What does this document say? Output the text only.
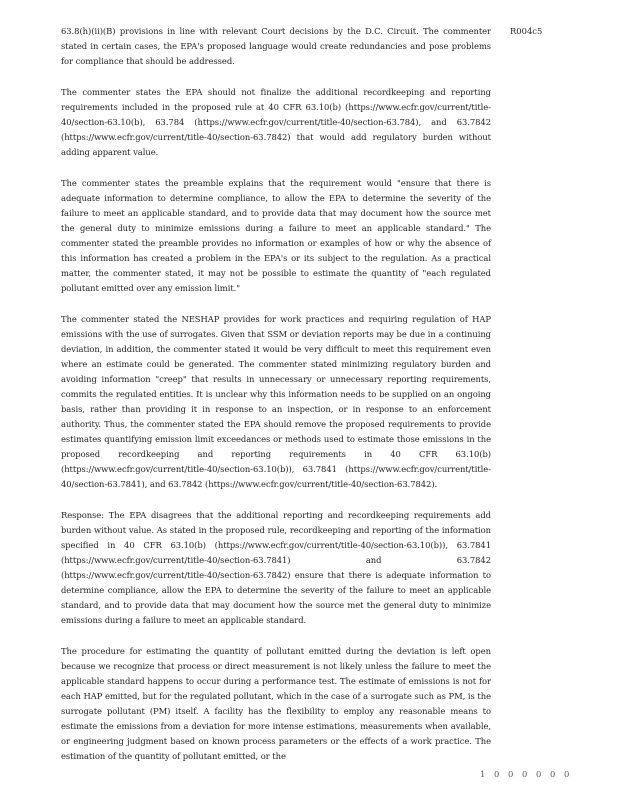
R004c5

63.8(h)(ii)(B) provisions in line with relevant Court decisions by the D.C. Circuit. The commenter stated in certain cases, the EPA's proposed language would create redundancies and pose problems for compliance that should be addressed.

The commenter states the EPA should not finalize the additional recordkeeping and reporting requirements included in the proposed rule at 40 CFR 63.10(b) (https://www.ecfr.gov/current/title-40/section-63.10(b), 63.784 (https://www.ecfr.gov/current/title-40/section-63.784), and 63.7842 (https://www.ecfr.gov/current/title-40/section-63.7842) that would add regulatory burden without adding apparent value.

The commenter states the preamble explains that the requirement would "ensure that there is adequate information to determine compliance, to allow the EPA to determine the severity of the failure to meet an applicable standard, and to provide data that may document how the source met the general duty to minimize emissions during a failure to meet an applicable standard." The commenter stated the preamble provides no information or examples of how or why the absence of this information has created a problem in the EPA's or its subject to the regulation. As a practical matter, the commenter stated, it may not be possible to estimate the quantity of "each regulated pollutant emitted over any emission limit."

The commenter stated the NESHAP provides for work practices and requiring regulation of HAP emissions with the use of surrogates. Given that SSM or deviation reports may be due in a continuing deviation, in addition, the commenter stated it would be very difficult to meet this requirement even where an estimate could be generated. The commenter stated minimizing regulatory burden and avoiding information "creep" that results in unnecessary or unnecessary reporting requirements, commits the regulated entities. It is unclear why this information needs to be supplied on an ongoing basis, rather than providing it in response to an inspection, or in response to an enforcement authority. Thus, the commenter stated the EPA should remove the proposed requirements to provide estimates quantifying emission limit exceedances or methods used to estimate those emissions in the proposed recordkeeping and reporting requirements in 40 CFR 63.10(b) (https://www.ecfr.gov/current/title-40/section-63.10(b)), 63.7841 (https://www.ecfr.gov/current/title-40/section-63.7841), and 63.7842 (https://www.ecfr.gov/current/title-40/section-63.7842).

Response: The EPA disagrees that the additional reporting and recordkeeping requirements add burden without value. As stated in the proposed rule, recordkeeping and reporting of the information specified in 40 CFR 63.10(b) (https://www.ecfr.gov/current/title-40/section-63.10(b)), 63.7841 (https://www.ecfr.gov/current/title-40/section-63.7841) and 63.7842 (https://www.ecfr.gov/current/title-40/section-63.7842) ensure that there is adequate information to determine compliance, allow the EPA to determine the severity of the failure to meet an applicable standard, and to provide data that may document how the source met the general duty to minimize emissions during a failure to meet an applicable standard.

The procedure for estimating the quantity of pollutant emitted during the deviation is left open because we recognize that process or direct measurement is not likely unless the failure to meet the applicable standard happens to occur during a performance test. The estimate of emissions is not for each HAP emitted, but for the regulated pollutant, which in the case of a surrogate such as PM, is the surrogate pollutant (PM) itself. A facility has the flexibility to employ any reasonable means to estimate the emissions from a deviation for more intense estimations, measurements when available, or engineering judgment based on known process parameters or the effects of a work practice. The estimation of the quantity of pollutant emitted, or the

1 0 0 0 0 0 0
